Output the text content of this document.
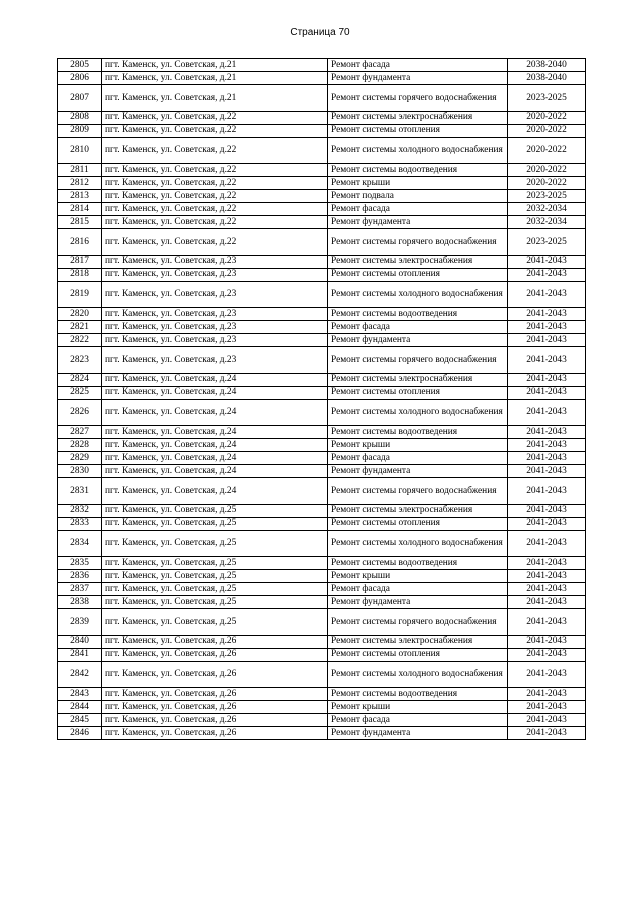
Страница 70
2805	пгт. Каменск, ул. Советская, д.21	Ремонт фасада	2038-2040
2806	пгт. Каменск, ул. Советская, д.21	Ремонт фундамента	2038-2040
2807	пгт. Каменск, ул. Советская, д.21	Ремонт системы горячего водоснабжения	2023-2025
2808	пгт. Каменск, ул. Советская, д.22	Ремонт системы электроснабжения	2020-2022
2809	пгт. Каменск, ул. Советская, д.22	Ремонт системы отопления	2020-2022
2810	пгт. Каменск, ул. Советская, д.22	Ремонт системы холодного водоснабжения	2020-2022
2811	пгт. Каменск, ул. Советская, д.22	Ремонт системы водоотведения	2020-2022
2812	пгт. Каменск, ул. Советская, д.22	Ремонт крыши	2020-2022
2813	пгт. Каменск, ул. Советская, д.22	Ремонт подвала	2023-2025
2814	пгт. Каменск, ул. Советская, д.22	Ремонт фасада	2032-2034
2815	пгт. Каменск, ул. Советская, д.22	Ремонт фундамента	2032-2034
2816	пгт. Каменск, ул. Советская, д.22	Ремонт системы горячего водоснабжения	2023-2025
2817	пгт. Каменск, ул. Советская, д.23	Ремонт системы электроснабжения	2041-2043
2818	пгт. Каменск, ул. Советская, д.23	Ремонт системы отопления	2041-2043
2819	пгт. Каменск, ул. Советская, д.23	Ремонт системы холодного водоснабжения	2041-2043
2820	пгт. Каменск, ул. Советская, д.23	Ремонт системы водоотведения	2041-2043
2821	пгт. Каменск, ул. Советская, д.23	Ремонт фасада	2041-2043
2822	пгт. Каменск, ул. Советская, д.23	Ремонт фундамента	2041-2043
2823	пгт. Каменск, ул. Советская, д.23	Ремонт системы горячего водоснабжения	2041-2043
2824	пгт. Каменск, ул. Советская, д.24	Ремонт системы электроснабжения	2041-2043
2825	пгт. Каменск, ул. Советская, д.24	Ремонт системы отопления	2041-2043
2826	пгт. Каменск, ул. Советская, д.24	Ремонт системы холодного водоснабжения	2041-2043
2827	пгт. Каменск, ул. Советская, д.24	Ремонт системы водоотведения	2041-2043
2828	пгт. Каменск, ул. Советская, д.24	Ремонт крыши	2041-2043
2829	пгт. Каменск, ул. Советская, д.24	Ремонт фасада	2041-2043
2830	пгт. Каменск, ул. Советская, д.24	Ремонт фундамента	2041-2043
2831	пгт. Каменск, ул. Советская, д.24	Ремонт системы горячего водоснабжения	2041-2043
2832	пгт. Каменск, ул. Советская, д.25	Ремонт системы электроснабжения	2041-2043
2833	пгт. Каменск, ул. Советская, д.25	Ремонт системы отопления	2041-2043
2834	пгт. Каменск, ул. Советская, д.25	Ремонт системы холодного водоснабжения	2041-2043
2835	пгт. Каменск, ул. Советская, д.25	Ремонт системы водоотведения	2041-2043
2836	пгт. Каменск, ул. Советская, д.25	Ремонт крыши	2041-2043
2837	пгт. Каменск, ул. Советская, д.25	Ремонт фасада	2041-2043
2838	пгт. Каменск, ул. Советская, д.25	Ремонт фундамента	2041-2043
2839	пгт. Каменск, ул. Советская, д.25	Ремонт системы горячего водоснабжения	2041-2043
2840	пгт. Каменск, ул. Советская, д.26	Ремонт системы электроснабжения	2041-2043
2841	пгт. Каменск, ул. Советская, д.26	Ремонт системы отопления	2041-2043
2842	пгт. Каменск, ул. Советская, д.26	Ремонт системы холодного водоснабжения	2041-2043
2843	пгт. Каменск, ул. Советская, д.26	Ремонт системы водоотведения	2041-2043
2844	пгт. Каменск, ул. Советская, д.26	Ремонт крыши	2041-2043
2845	пгт. Каменск, ул. Советская, д.26	Ремонт фасада	2041-2043
2846	пгт. Каменск, ул. Советская, д.26	Ремонт фундамента	2041-2043
